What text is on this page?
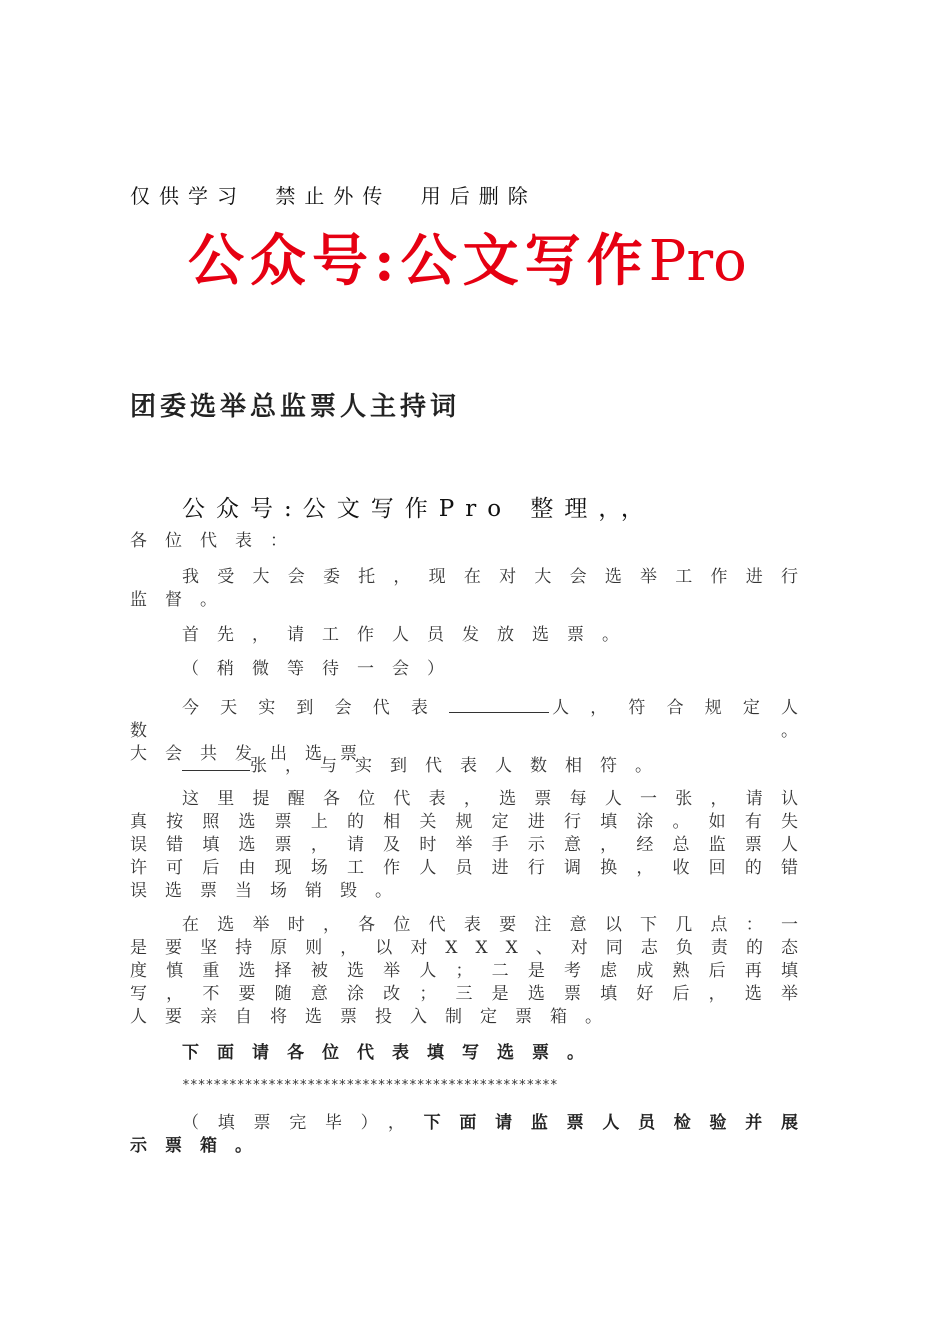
仅供学习 禁止外传 用后删除
公众号:公文写作Pro
团委选举总监票人主持词
公众号:公文写作Pro 整理，，
各位代表：
我受大会委托，现在对大会选举工作进行监督。
首先，请工作人员发放选票。
（稍微等待一会）
今天实到会代表	人，符合规定人数。
大会共发出选票
张，与实到代表人数相符。
这里提醒各位代表，选票每人一张，请认真按照选票上的相关规定进行填涂。如有失误错填选票，请及时举手示意，经总监票人许可后由现场工作人员进行调换，收回的错误选票当场销毁。
在选举时，各位代表要注意以下几点：一是要坚持原则，以对XXX、对同志负责的态度慎重选择被选举人；二是考虑成熟后再填写，不要随意涂改；三是选票填好后，选举人要亲自将选票投入制定票箱。
下面请各位代表填写选票。
************************************************
（填票完毕），下面请监票人员检验并展示票箱。
